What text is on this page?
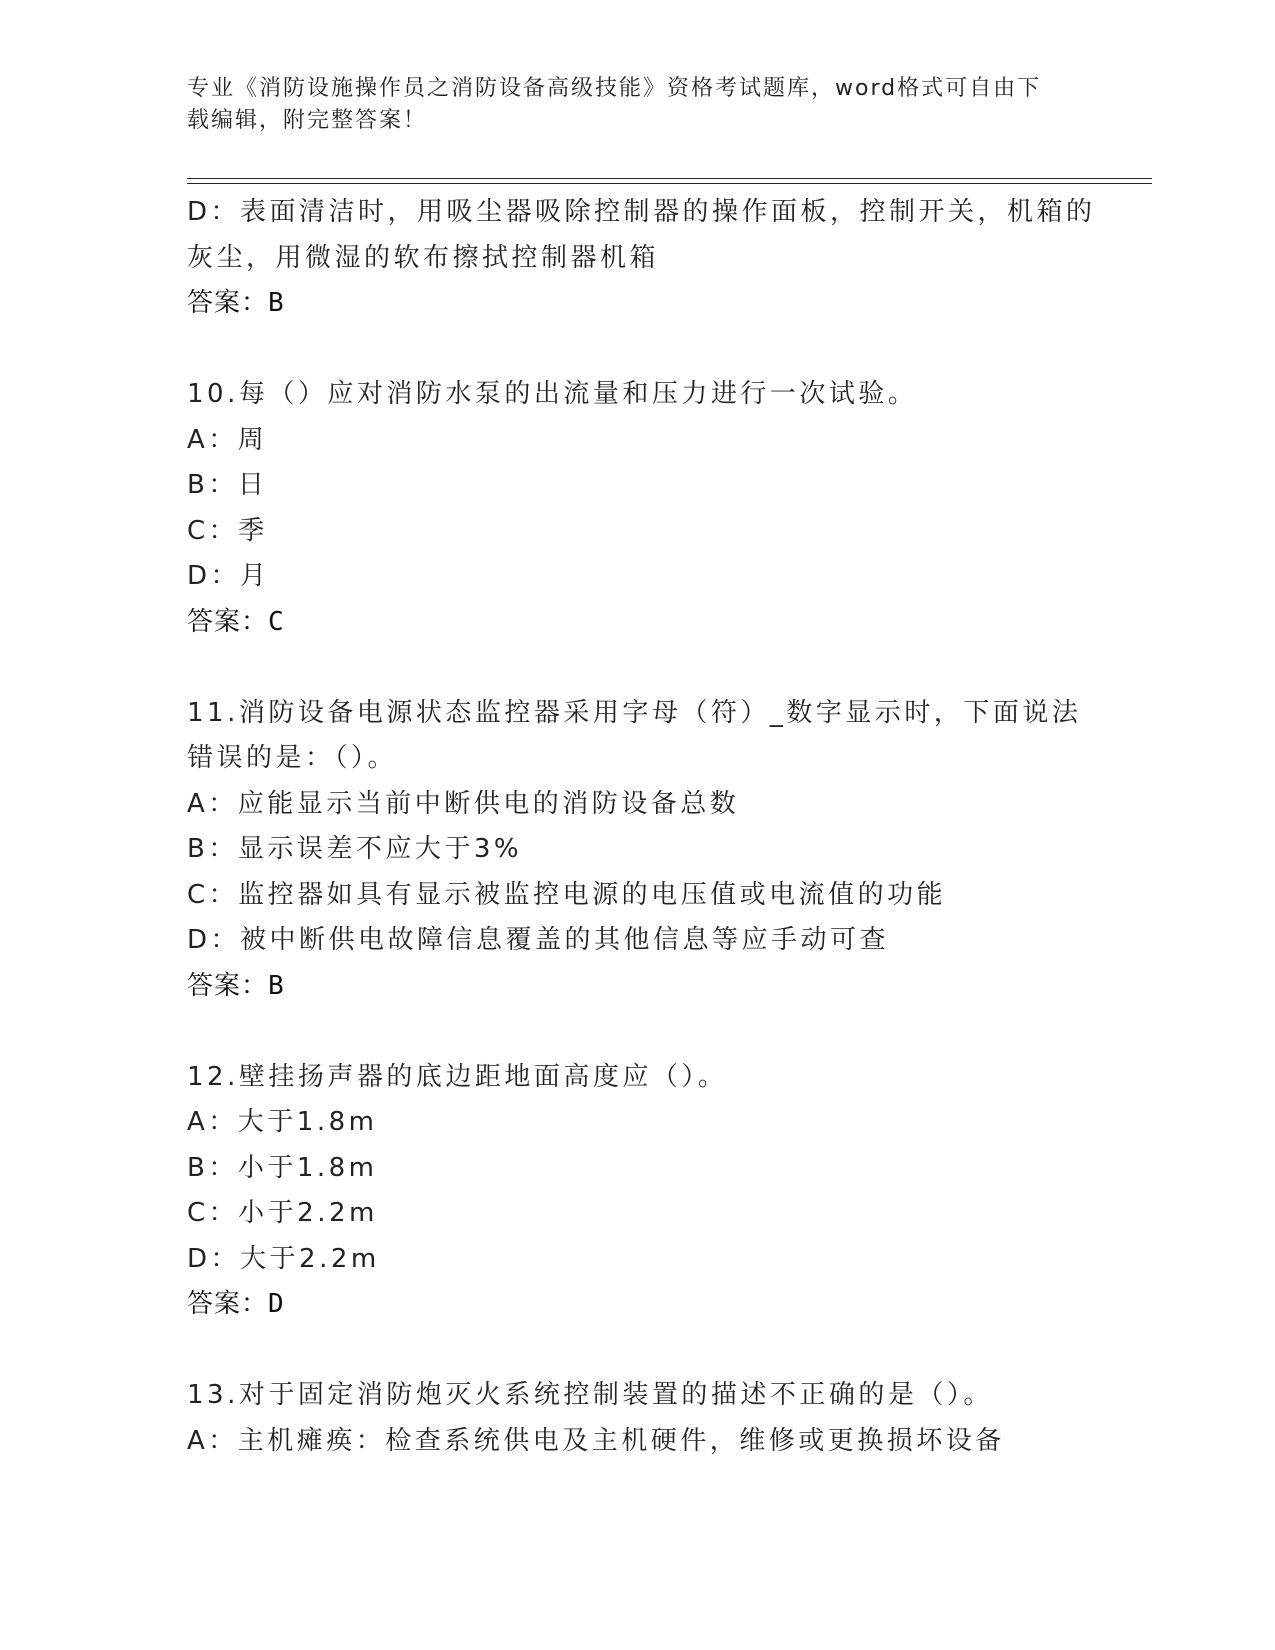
专业《消防设施操作员之消防设备高级技能》资格考试题库，word格式可自由下
载编辑，附完整答案！
D：表面清洁时，用吸尘器吸除控制器的操作面板，控制开关，机箱的
灰尘，用微湿的软布擦拭控制器机箱
答案：B
10.每（）应对消防水泵的出流量和压力进行一次试验。
A：周
B：日
C：季
D：月
答案：C
11.消防设备电源状态监控器采用字母（符）_数字显示时，下面说法
错误的是：（）。
A：应能显示当前中断供电的消防设备总数
B：显示误差不应大于3%
C：监控器如具有显示被监控电源的电压值或电流值的功能
D：被中断供电故障信息覆盖的其他信息等应手动可查
答案：B
12.壁挂扬声器的底边距地面高度应（）。
A：大于1.8m
B：小于1.8m
C：小于2.2m
D：大于2.2m
答案：D
13.对于固定消防炮灭火系统控制装置的描述不正确的是（）。
A：主机瘫痪：检查系统供电及主机硬件，维修或更换损坏设备
